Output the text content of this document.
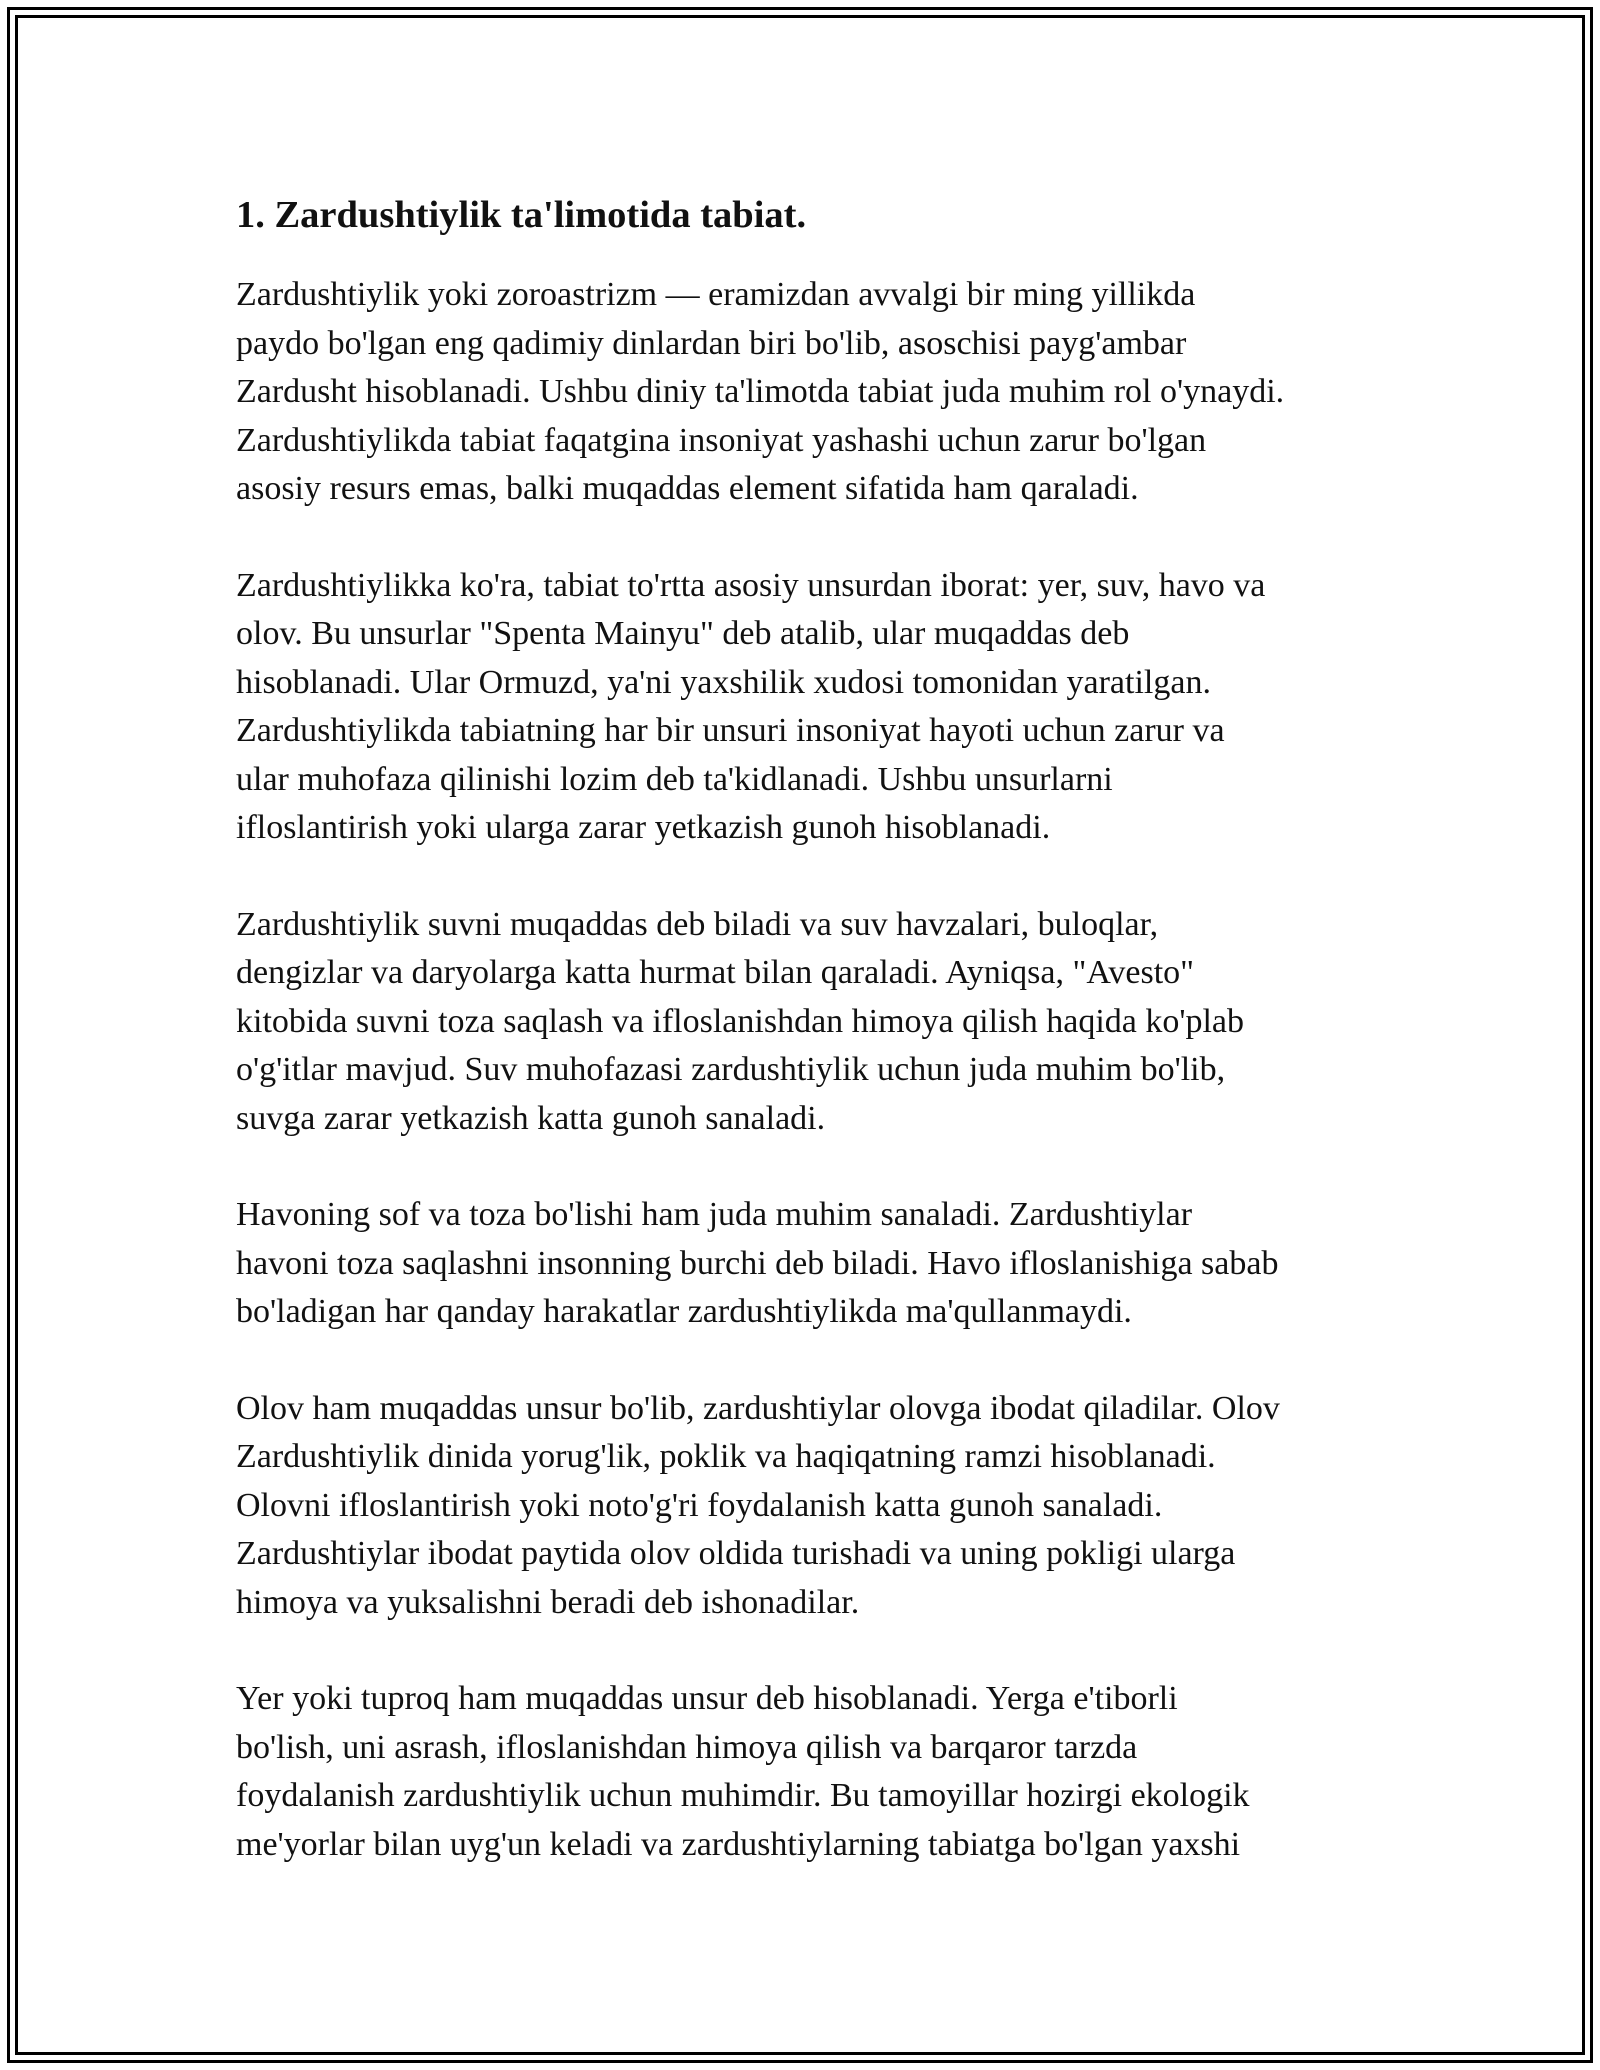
1. Zardushtiylik ta'limotida tabiat.

Zardushtiylik yoki zoroastrizm — eramizdan avvalgi bir ming yillikda
paydo bo'lgan eng qadimiy dinlardan biri bo'lib, asoschisi payg'ambar
Zardusht hisoblanadi. Ushbu diniy ta'limotda tabiat juda muhim rol o'ynaydi.
Zardushtiylikda tabiat faqatgina insoniyat yashashi uchun zarur bo'lgan
asosiy resurs emas, balki muqaddas element sifatida ham qaraladi.

Zardushtiylikka ko'ra, tabiat to'rtta asosiy unsurdan iborat: yer, suv, havo va
olov. Bu unsurlar "Spenta Mainyu" deb atalib, ular muqaddas deb
hisoblanadi. Ular Ormuzd, ya'ni yaxshilik xudosi tomonidan yaratilgan.
Zardushtiylikda tabiatning har bir unsuri insoniyat hayoti uchun zarur va
ular muhofaza qilinishi lozim deb ta'kidlanadi. Ushbu unsurlarni
ifloslantirish yoki ularga zarar yetkazish gunoh hisoblanadi.

Zardushtiylik suvni muqaddas deb biladi va suv havzalari, buloqlar,
dengizlar va daryolarga katta hurmat bilan qaraladi. Ayniqsa, "Avesto"
kitobida suvni toza saqlash va ifloslanishdan himoya qilish haqida ko'plab
o'g'itlar mavjud. Suv muhofazasi zardushtiylik uchun juda muhim bo'lib,
suvga zarar yetkazish katta gunoh sanaladi.

Havoning sof va toza bo'lishi ham juda muhim sanaladi. Zardushtiylar
havoni toza saqlashni insonning burchi deb biladi. Havo ifloslanishiga sabab
bo'ladigan har qanday harakatlar zardushtiylikda ma'qullanmaydi.

Olov ham muqaddas unsur bo'lib, zardushtiylar olovga ibodat qiladilar. Olov
Zardushtiylik dinida yorug'lik, poklik va haqiqatning ramzi hisoblanadi.
Olovni ifloslantirish yoki noto'g'ri foydalanish katta gunoh sanaladi.
Zardushtiylar ibodat paytida olov oldida turishadi va uning pokligi ularga
himoya va yuksalishni beradi deb ishonadilar.

Yer yoki tuproq ham muqaddas unsur deb hisoblanadi. Yerga e'tiborli
bo'lish, uni asrash, ifloslanishdan himoya qilish va barqaror tarzda
foydalanish zardushtiylik uchun muhimdir. Bu tamoyillar hozirgi ekologik
me'yorlar bilan uyg'un keladi va zardushtiylarning tabiatga bo'lgan yaxshi
